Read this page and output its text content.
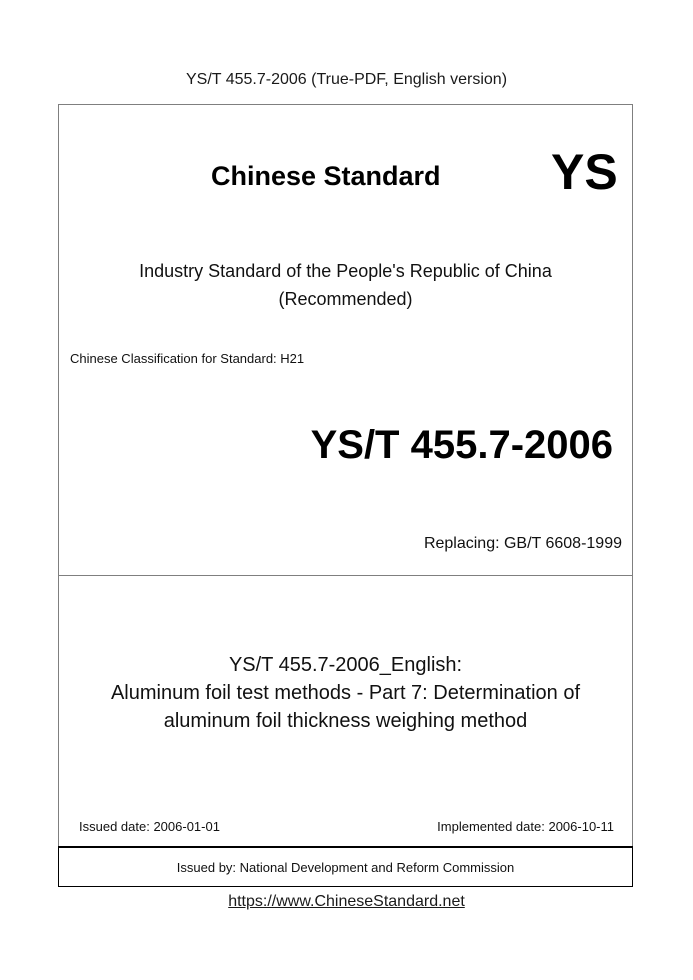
YS/T 455.7-2006 (True-PDF, English version)
Chinese Standard YS
Industry Standard of the People's Republic of China
(Recommended)
Chinese Classification for Standard: H21
YS/T 455.7-2006
Replacing: GB/T 6608-1999
YS/T 455.7-2006_English:
Aluminum foil test methods - Part 7: Determination of
aluminum foil thickness weighing method
Issued date: 2006-01-01	Implemented date: 2006-10-11
Issued by: National Development and Reform Commission
https://www.ChineseStandard.net
